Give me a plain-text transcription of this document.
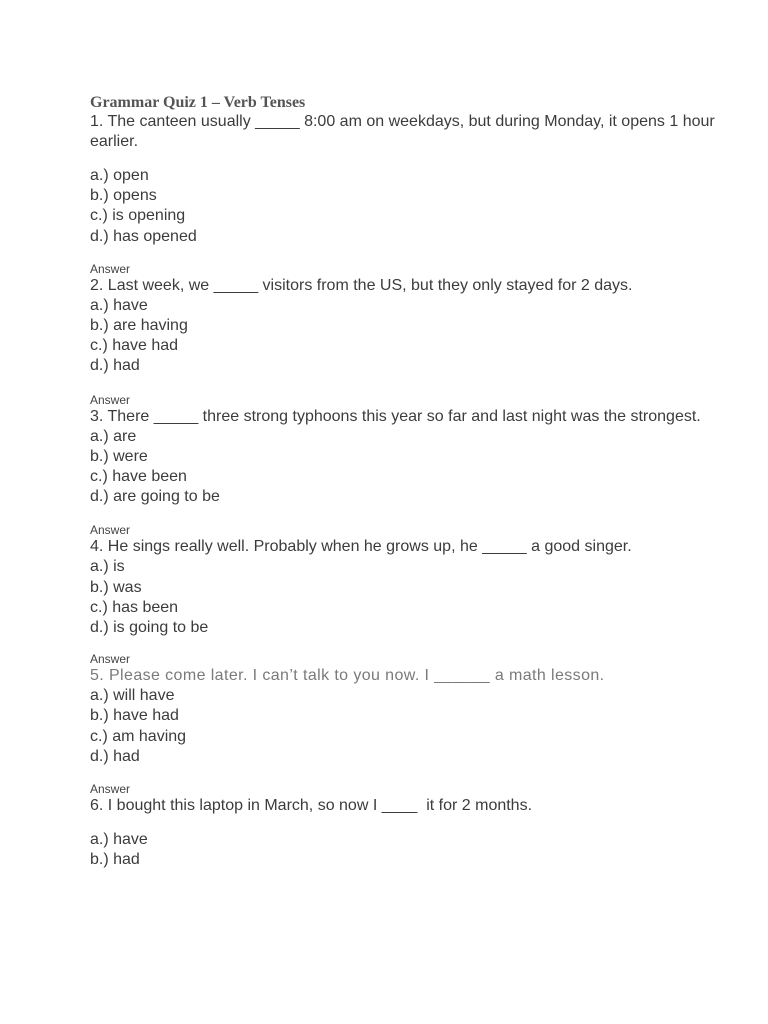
Grammar Quiz 1 – Verb Tenses

1. The canteen usually _____ 8:00 am on weekdays, but during Monday, it opens 1 hour earlier.

a.) open

b.) opens

c.) is opening

d.) has opened

Answer

2. Last week, we _____ visitors from the US, but they only stayed for 2 days.

a.) have

b.) are having

c.) have had

d.) had

Answer

3. There _____ three strong typhoons this year so far and last night was the strongest.

a.) are

b.) were

c.) have been

d.) are going to be

Answer

4. He sings really well. Probably when he grows up, he _____ a good singer.

a.) is

b.) was

c.) has been

d.) is going to be

Answer

5. Please come later. I can’t talk to you now. I ______ a math lesson.

a.) will have

b.) have had

c.) am having

d.) had

Answer

6. I bought this laptop in March, so now I ____  it for 2 months.

a.) have

b.) had
